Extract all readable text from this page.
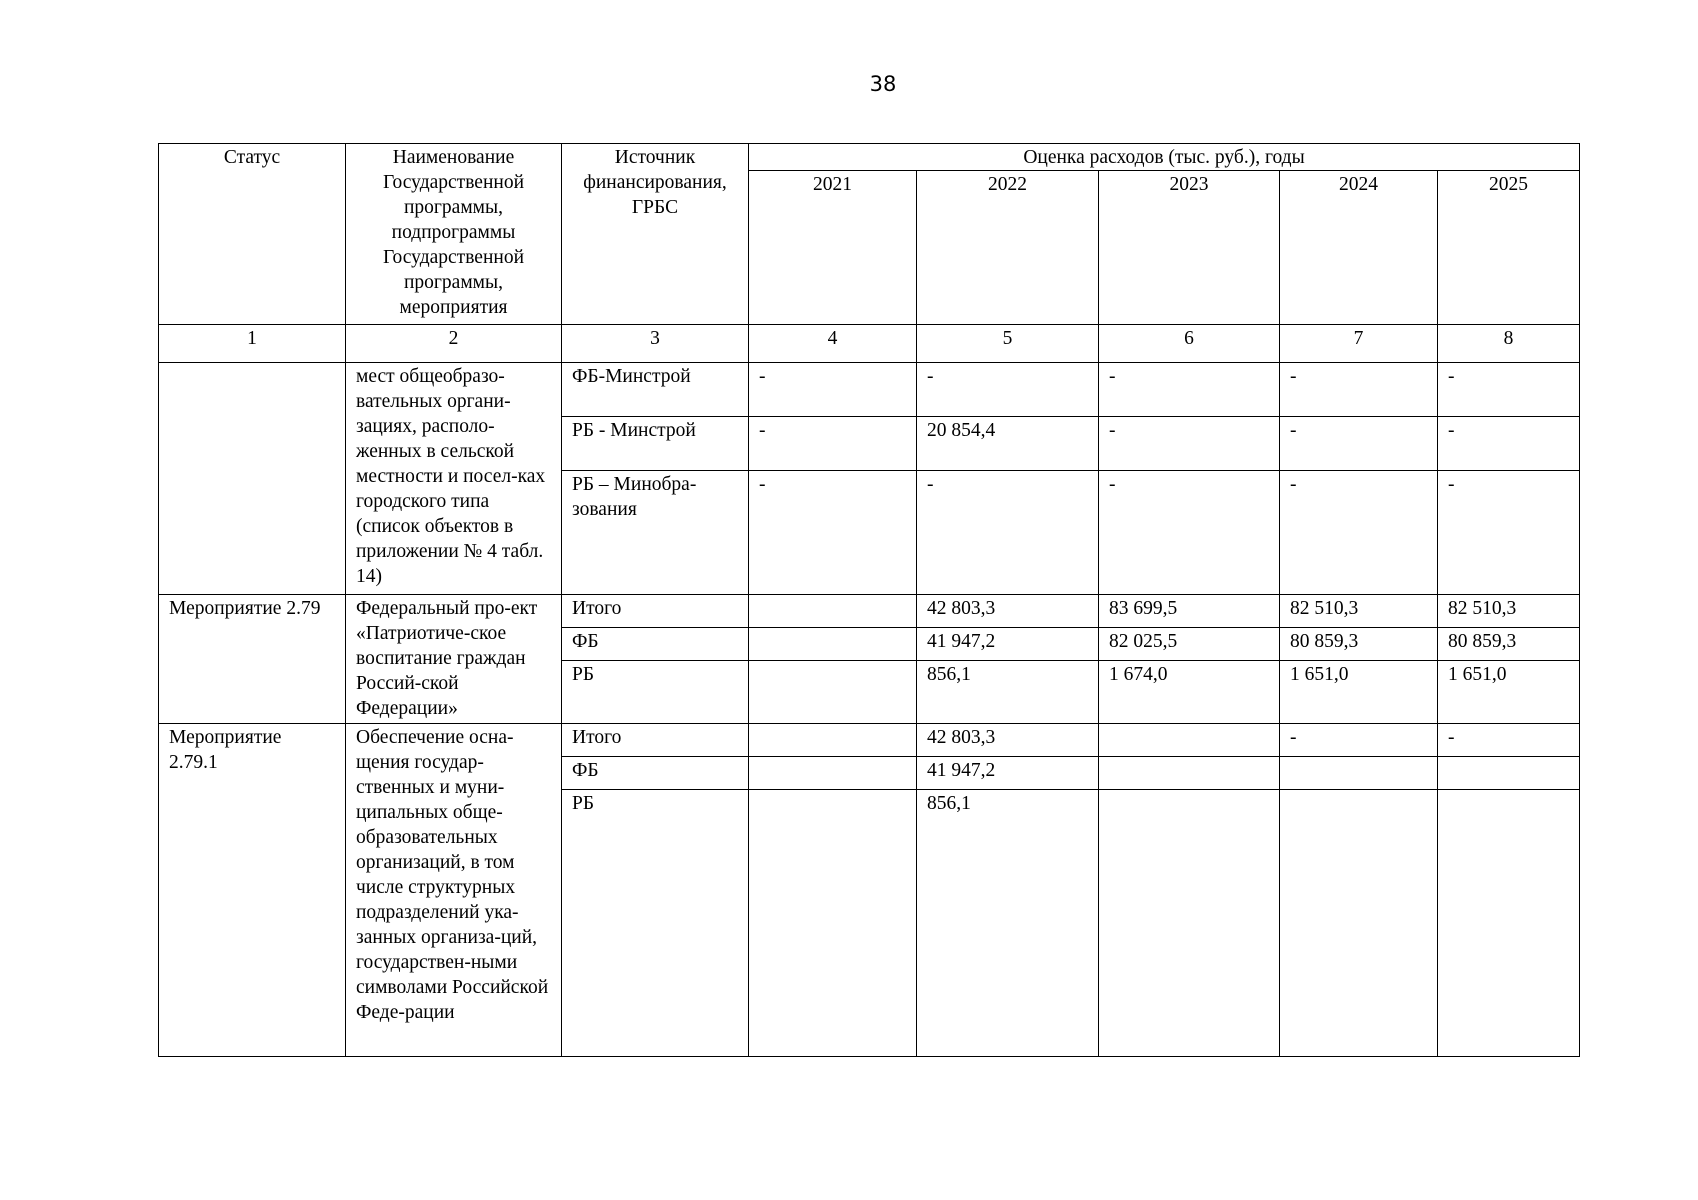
38
Статус	Наименование Государственной программы, подпрограммы Государственной программы, мероприятия	Источник финансирования, ГРБС	Оценка расходов (тыс. руб.), годы				
			2021	2022	2023	2024	2025
1	2	3	4	5	6	7	8
	мест общеобразо-вательных органи-зациях, располо-женных в сельской местности и посел-ках городского типа (список объектов в приложении № 4 табл. 14)	ФБ-Минстрой	-	-	-	-	-
		РБ - Минстрой	-	20 854,4	-	-	-
		РБ – Минобра-зования	-	-	-	-	-
Мероприятие 2.79	Федеральный про-ект «Патриотиче-ское воспитание граждан Россий-ской Федерации»	Итого		42 803,3	83 699,5	82 510,3	82 510,3
		ФБ		41 947,2	82 025,5	80 859,3	80 859,3
		РБ		856,1	1 674,0	1 651,0	1 651,0
Мероприятие 2.79.1	Обеспечение осна-щения государ-ственных и муни-ципальных обще-образовательных организаций, в том числе структурных подразделений ука-занных организа-ций, государствен-ными символами Российской Феде-рации	Итого		42 803,3		-	-
		ФБ		41 947,2			
		РБ		856,1			
